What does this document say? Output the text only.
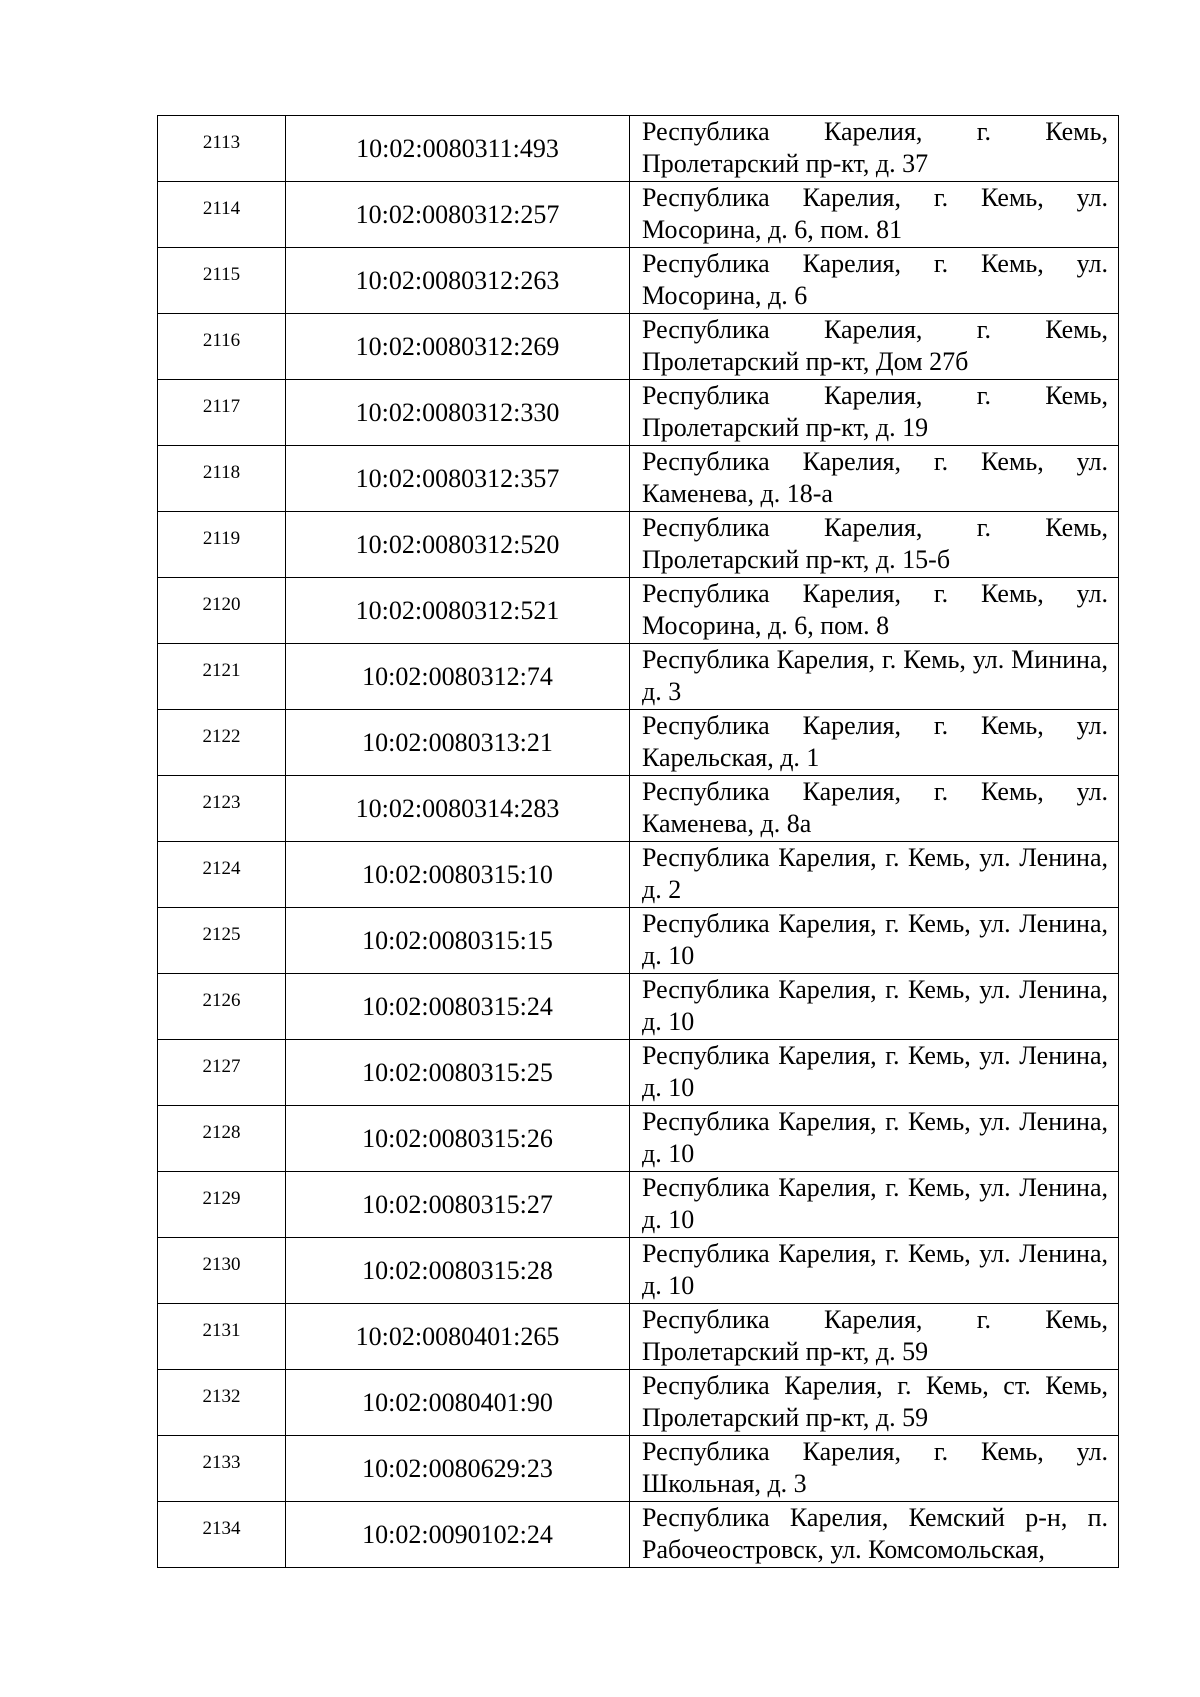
2113	10:02:0080311:493	Республика Карелия, г. Кемь, Пролетарский пр-кт, д. 37

2114	10:02:0080312:257	Республика Карелия, г. Кемь, ул. Мосорина, д. 6, пом. 81

2115	10:02:0080312:263	Республика Карелия, г. Кемь, ул. Мосорина, д. 6

2116	10:02:0080312:269	Республика Карелия, г. Кемь, Пролетарский пр-кт, Дом 27б

2117	10:02:0080312:330	Республика Карелия, г. Кемь, Пролетарский пр-кт, д. 19

2118	10:02:0080312:357	Республика Карелия, г. Кемь, ул. Каменева, д. 18-а

2119	10:02:0080312:520	Республика Карелия, г. Кемь, Пролетарский пр-кт, д. 15-б

2120	10:02:0080312:521	Республика Карелия, г. Кемь, ул. Мосорина, д. 6, пом. 8

2121	10:02:0080312:74	Республика Карелия, г. Кемь, ул. Минина, д. 3

2122	10:02:0080313:21	Республика Карелия, г. Кемь, ул. Карельская, д. 1

2123	10:02:0080314:283	Республика Карелия, г. Кемь, ул. Каменева, д. 8а

2124	10:02:0080315:10	Республика Карелия, г. Кемь, ул. Ленина, д. 2

2125	10:02:0080315:15	Республика Карелия, г. Кемь, ул. Ленина, д. 10

2126	10:02:0080315:24	Республика Карелия, г. Кемь, ул. Ленина, д. 10

2127	10:02:0080315:25	Республика Карелия, г. Кемь, ул. Ленина, д. 10

2128	10:02:0080315:26	Республика Карелия, г. Кемь, ул. Ленина, д. 10

2129	10:02:0080315:27	Республика Карелия, г. Кемь, ул. Ленина, д. 10

2130	10:02:0080315:28	Республика Карелия, г. Кемь, ул. Ленина, д. 10

2131	10:02:0080401:265	Республика Карелия, г. Кемь, Пролетарский пр-кт, д. 59

2132	10:02:0080401:90	Республика Карелия, г. Кемь, ст. Кемь, Пролетарский пр-кт, д. 59

2133	10:02:0080629:23	Республика Карелия, г. Кемь, ул. Школьная, д. 3

2134	10:02:0090102:24	Республика Карелия, Кемский р-н, п. Рабочеостровск, ул. Комсомольская,
